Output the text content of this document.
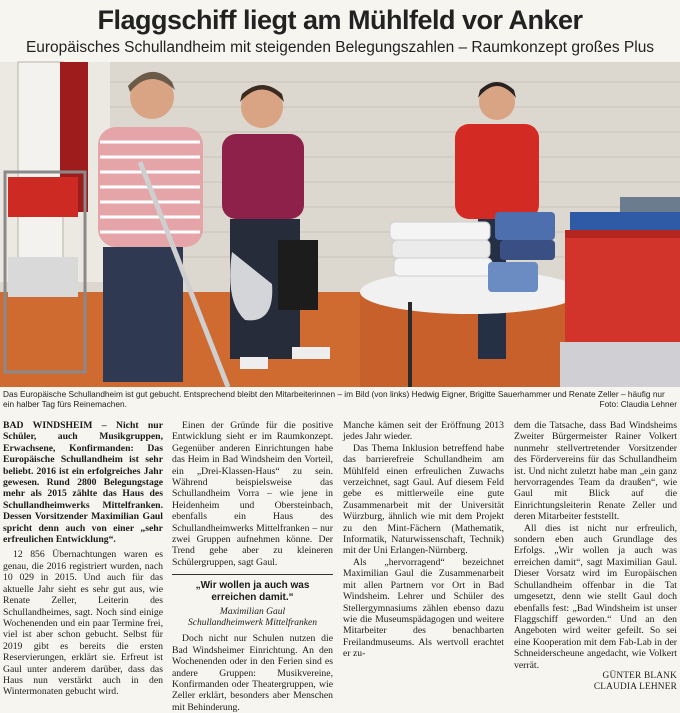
Flaggschiff liegt am Mühlfeld vor Anker
Europäisches Schullandheim mit steigenden Belegungszahlen – Raumkonzept großes Plus
Das Europäische Schullandheim ist gut gebucht. Entsprechend bleibt den Mitarbeiterinnen – im Bild (von links) Hedwig Eigner, Brigitte Sauerhammer und Renate Zeller – häufig nur ein halber Tag fürs Reinemachen.	Foto: Claudia Lehner

BAD WINDSHEIM – Nicht nur Schüler, auch Musikgruppen, Erwachsene, Konfirmanden: Das Europäische Schullandheim ist sehr beliebt. 2016 ist ein erfolgreiches Jahr gewesen. Rund 2800 Belegungstage mehr als 2015 zählte das Haus des Schullandheimwerks Mittelfranken. Dessen Vorsitzender Maximilian Gaul spricht denn auch von einer „sehr erfreulichen Entwicklung“.

12 856 Übernachtungen waren es genau, die 2016 registriert wurden, nach 10 029 in 2015. Und auch für das aktuelle Jahr sieht es sehr gut aus, wie Renate Zeller, Leiterin des Schullandheimes, sagt. Noch sind einige Wochenenden und ein paar Termine frei, viel ist aber schon gebucht. Selbst für 2019 gibt es bereits die ersten Reservierungen, erklärt sie. Erfreut ist Gaul unter anderem darüber, dass das Haus nun verstärkt auch in den Wintermonaten gebucht wird.

Einen der Gründe für die positive Entwicklung sieht er im Raumkonzept. Gegenüber anderen Einrichtungen habe das Heim in Bad Windsheim den Vorteil, ein „Drei-Klassen-Haus“ zu sein. Während beispielsweise das Schullandheim Vorra – wie jene in Heidenheim und Obersteinbach, ebenfalls ein Haus des Schullandheimwerks Mittelfranken – nur zwei Gruppen aufnehmen könne. Der Trend gehe aber zu kleineren Schülergruppen, sagt Gaul.

„Wir wollen ja auch was erreichen damit.“
Maximilian Gaul
Schullandheimwerk Mittelfranken

Doch nicht nur Schulen nutzen die Bad Windsheimer Einrichtung. An den Wochenenden oder in den Ferien sind es andere Gruppen: Musikvereine, Konfirmanden oder Theatergruppen, wie Zeller erklärt, besonders aber Menschen mit Behinderung.

Manche kämen seit der Eröffnung 2013 jedes Jahr wieder.

Das Thema Inklusion betreffend habe das barrierefreie Schullandheim am Mühlfeld einen erfreulichen Zuwachs verzeichnet, sagt Gaul. Auf diesem Feld gebe es mittlerweile eine gute Zusammenarbeit mit der Universität Würzburg, ähnlich wie mit dem Projekt zu den Mint-Fächern (Mathematik, Informatik, Naturwissenschaft, Technik) mit der Uni Erlangen-Nürnberg.

Als „hervorragend“ bezeichnet Maximilian Gaul die Zusammenarbeit mit allen Partnern vor Ort in Bad Windsheim. Lehrer und Schüler des Stellergymnasiums zählen ebenso dazu wie die Museumspädagogen und weitere Mitarbeiter des benachbarten Freilandmuseums. Als wertvoll erachtet er zu-

dem die Tatsache, dass Bad Windsheims Zweiter Bürgermeister Rainer Volkert nunmehr stellvertretender Vorsitzender des Fördervereins für das Schullandheim ist. Und nicht zuletzt habe man „ein ganz hervorragendes Team da draußen“, wie Gaul mit Blick auf die Einrichtungsleiterin Renate Zeller und deren Mitarbeiter feststellt.

All dies ist nicht nur erfreulich, sondern eben auch Grundlage des Erfolgs. „Wir wollen ja auch was erreichen damit“, sagt Maximilian Gaul. Dieser Vorsatz wird im Europäischen Schullandheim offenbar in die Tat umgesetzt, denn wie stellt Gaul doch ebenfalls fest: „Bad Windsheim ist unser Flaggschiff geworden.“ Und an den Angeboten wird weiter gefeilt. So sei eine Kooperation mit dem Fab-Lab in der Schneiderscheune angedacht, wie Volkert verrät.

GÜNTER BLANK
CLAUDIA LEHNER
